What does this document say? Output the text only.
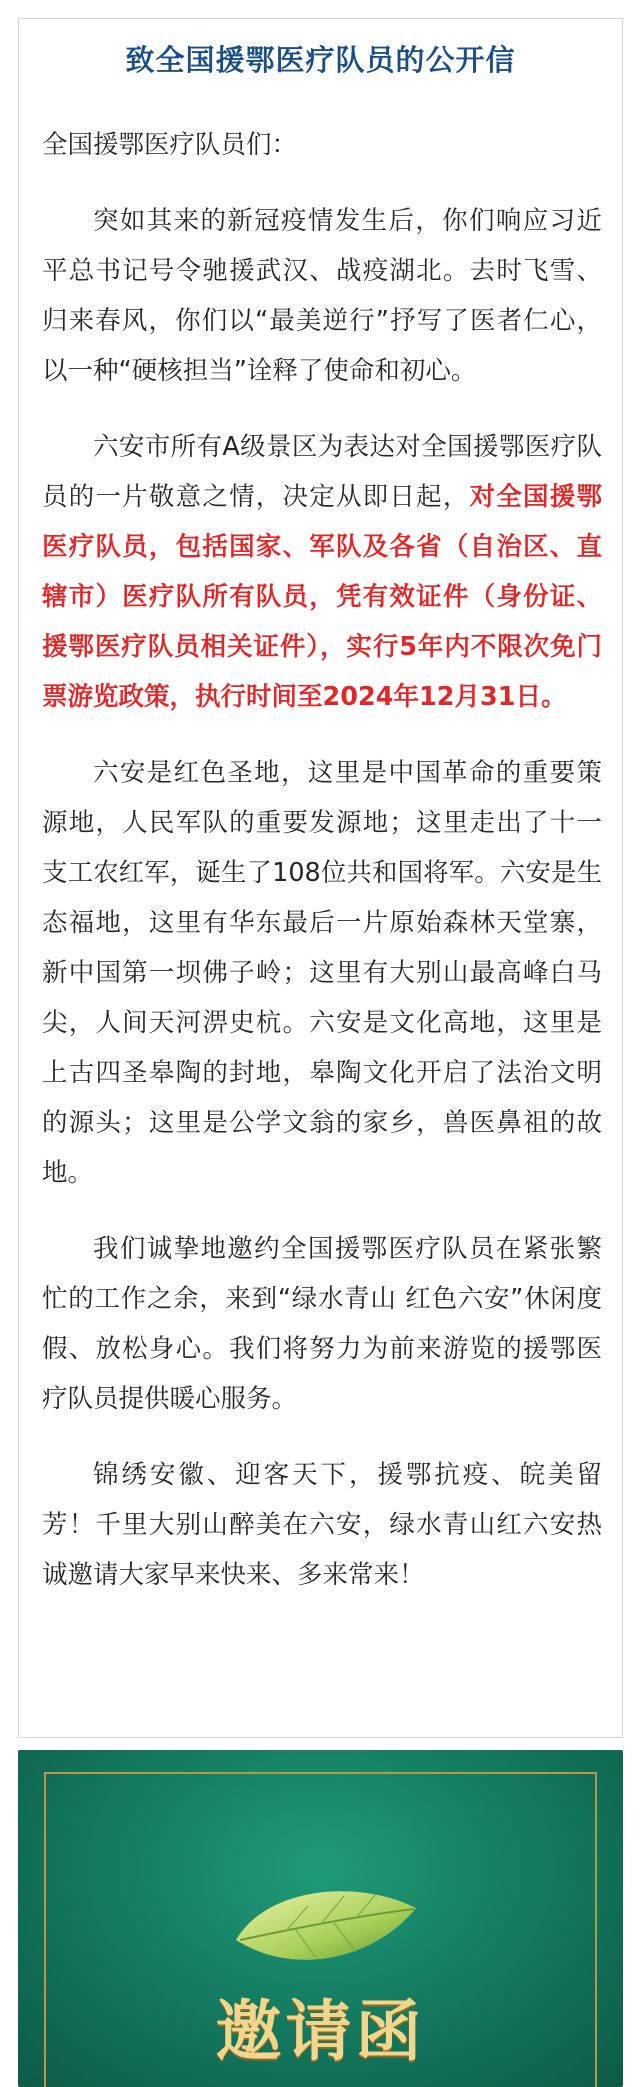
致全国援鄂医疗队员的公开信

全国援鄂医疗队员们：

突如其来的新冠疫情发生后，你们响应习近平总书记号令驰援武汉、战疫湖北。去时飞雪、归来春风，你们以“最美逆行”抒写了医者仁心，以一种“硬核担当”诠释了使命和初心。

六安市所有A级景区为表达对全国援鄂医疗队员的一片敬意之情，决定从即日起，对全国援鄂医疗队员，包括国家、军队及各省（自治区、直辖市）医疗队所有队员，凭有效证件（身份证、援鄂医疗队员相关证件），实行5年内不限次免门票游览政策，执行时间至2024年12月31日。

六安是红色圣地，这里是中国革命的重要策源地，人民军队的重要发源地；这里走出了十一支工农红军，诞生了108位共和国将军。六安是生态福地，这里有华东最后一片原始森林天堂寨，新中国第一坝佛子岭；这里有大别山最高峰白马尖，人间天河淠史杭。六安是文化高地，这里是上古四圣皋陶的封地，皋陶文化开启了法治文明的源头；这里是公学文翁的家乡，兽医鼻祖的故地。

我们诚挚地邀约全国援鄂医疗队员在紧张繁忙的工作之余，来到“绿水青山 红色六安”休闲度假、放松身心。我们将努力为前来游览的援鄂医疗队员提供暖心服务。

锦绣安徽、迎客天下，援鄂抗疫、皖美留芳！千里大别山醉美在六安，绿水青山红六安热诚邀请大家早来快来、多来常来！

邀请函
